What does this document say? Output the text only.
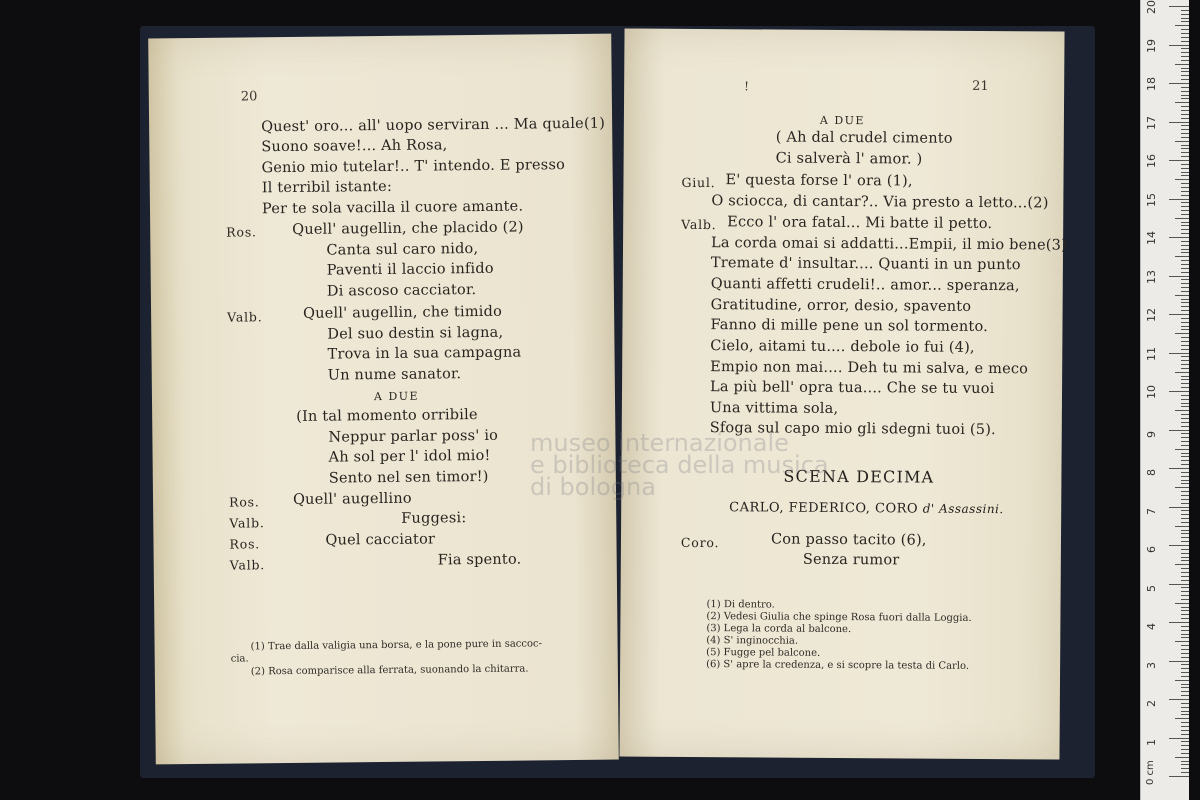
20
Quest' oro... all' uopo serviran ... Ma quale(1)
Suono soave!... Ah Rosa,
Genio mio tutelar!.. T' intendo. E presso
Il terribil istante:
Per te sola vacilla il cuore amante.
Ros. Quell' augellin, che placido (2)
Canta sul caro nido,
Paventi il laccio infido
Di ascoso cacciator.
Valb.	Quell' augellin, che timido
Del suo destin si lagna,
Trova in la sua campagna
Un nume sanator.
A DUE
(In tal momento orribile
Neppur parlar poss' io
Ah sol per l' idol mio!
Sento nel sen timor!)
Ros. Quell' augellino
Valb.	Fuggesi:
Ros.	Quel cacciator
Valb.	Fia spento.
(1) Trae dalla valigia una borsa, e la pone pure in saccoc-
cia.
(2) Rosa comparisce alla ferrata, suonando la chitarra.
!	21
A DUE
( Ah dal crudel cimento
Ci salverà l' amor. )
Giul. E' questa forse l' ora (1),
O sciocca, di cantar?.. Via presto a letto...(2)
Valb. Ecco l' ora fatal... Mi batte il petto.
La corda omai si addatti...Empii, il mio bene(3)
Tremate d' insultar.... Quanti in un punto
Quanti affetti crudeli!.. amor... speranza,
Gratitudine, orror, desio, spavento
Fanno di mille pene un sol tormento.
Cielo, aitami tu.... debole io fui (4),
Empio non mai.... Deh tu mi salva, e meco
La più bell' opra tua.... Che se tu vuoi
Una vittima sola,
Sfoga sul capo mio gli sdegni tuoi (5).
SCENA DECIMA
CARLO, FEDERICO, CORO d' Assassini.
Coro.	Con passo tacito (6),
Senza rumor
(1) Di dentro.
(2) Vedesi Giulia che spinge Rosa fuori dalla Loggia.
(3) Lega la corda al balcone.
(4) S' inginocchia.
(5) Fugge pel balcone.
(6) S' apre la credenza, e si scopre la testa di Carlo.
museo internazionale
e biblioteca della musica
di bologna
0 cm
1
2
3
4
5
6
7
8
9
10
11
12
13
14
15
16
17
18
19
20
